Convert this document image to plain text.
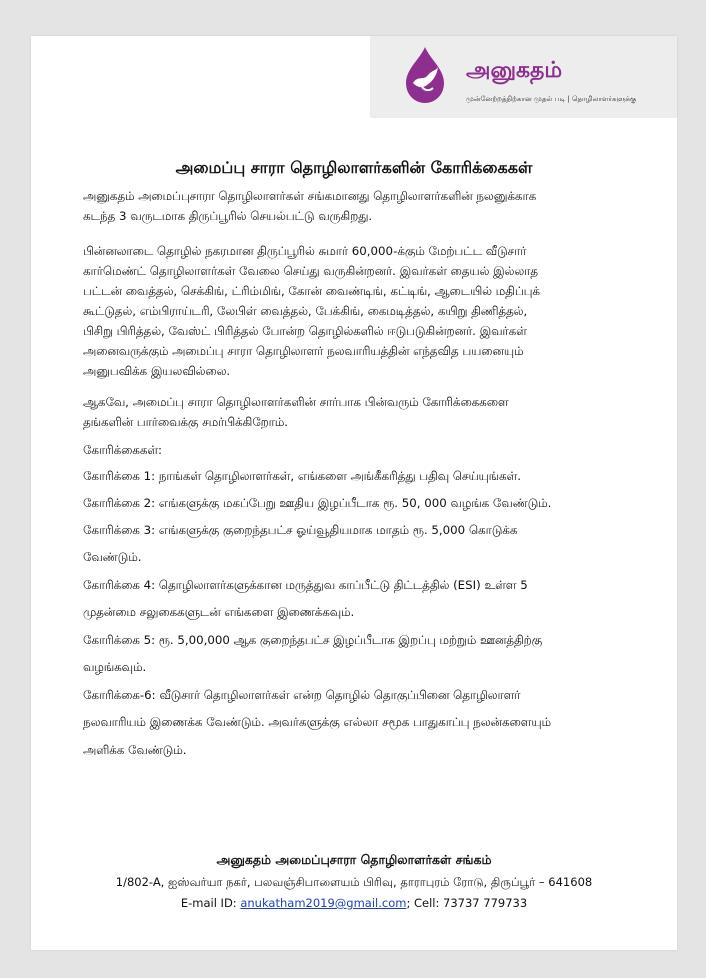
அனுகதம்
முன்னேற்றத்திற்கான முதல் படி | தொழிலாளர்களுக்கு
அமைப்பு சாரா தொழிலாளர்களின் கோரிக்கைகள்
அனுகதம் அமைப்புசாரா தொழிலாளர்கள் சங்கமானது தொழிலாளர்களின் நலனுக்காக
கடந்த 3 வருடமாக திருப்பூரில் செயல்பட்டு வருகிறது.
பின்னலாடை தொழில் நகரமான திருப்பூரில் சுமார் 60,000-க்கும் மேற்பட்ட வீடுசார்
கார்மெண்ட் தொழிலாளர்கள் வேலை செய்து வருகின்றனர். இவர்கள் தையல் இல்லாத
பட்டன் வைத்தல், செக்கிங், ட்ரிம்மிங், கோன் வைண்டிங், கட்டிங், ஆடையில் மதிப்புக்
கூட்டுதல், எம்பிராய்டரி, லேபிள் வைத்தல், பேக்கிங், கைமடித்தல், கயிறு திணித்தல்,
பிசிறு பிரித்தல், வேஸ்ட் பிரித்தல் போன்ற தொழில்களில் ஈடுபடுகின்றனர். இவர்கள்
அனைவருக்கும் அமைப்பு சாரா தொழிலாளர் நலவாரியத்தின் எந்தவித பயனையும்
அனுபவிக்க இயலவில்லை.
ஆகவே, அமைப்பு சாரா தொழிலாளர்களின் சார்பாக பின்வரும் கோரிக்கைகளை
தங்களின் பார்வைக்கு சமர்பிக்கிறோம்.
கோரிக்கைகள்:
கோரிக்கை 1: நாங்கள் தொழிலாளர்கள், எங்களை அங்கீகரித்து பதிவு செய்யுங்கள்.
கோரிக்கை 2: எங்களுக்கு மகப்பேறு ஊதிய இழப்பீடாக ரூ. 50, 000 வழங்க வேண்டும்.
கோரிக்கை 3: எங்களுக்கு குறைந்தபட்ச ஓய்வூதியமாக மாதம் ரூ. 5,000 கொடுக்க
வேண்டும்.
கோரிக்கை 4: தொழிலாளர்களுக்கான மருத்துவ காப்பீட்டு திட்டத்தில் (ESI) உள்ள 5
முதன்மை சலுகைகளுடன் எங்களை இணைக்கவும்.
கோரிக்கை 5: ரூ. 5,00,000 ஆக குறைந்தபட்ச இழப்பீடாக இறப்பு மற்றும் ஊனத்திற்கு
வழங்கவும்.
கோரிக்கை-6: வீடுசார் தொழிலாளர்கள் என்ற தொழில் தொகுப்பினை தொழிலாளர்
நலவாரியம் இணைக்க வேண்டும். அவர்களுக்கு எல்லா சமூக பாதுகாப்பு நலன்களையும்
அளிக்க வேண்டும்.
அனுகதம் அமைப்புசாரா தொழிலாளர்கள் சங்கம்
1/802-A, ஐஸ்வர்யா நகர், பலவஞ்சிபாளையம் பிரிவு, தாராபுரம் ரோடு, திருப்பூர் – 641608
E-mail ID: anukatham2019@gmail.com; Cell: 73737 779733
